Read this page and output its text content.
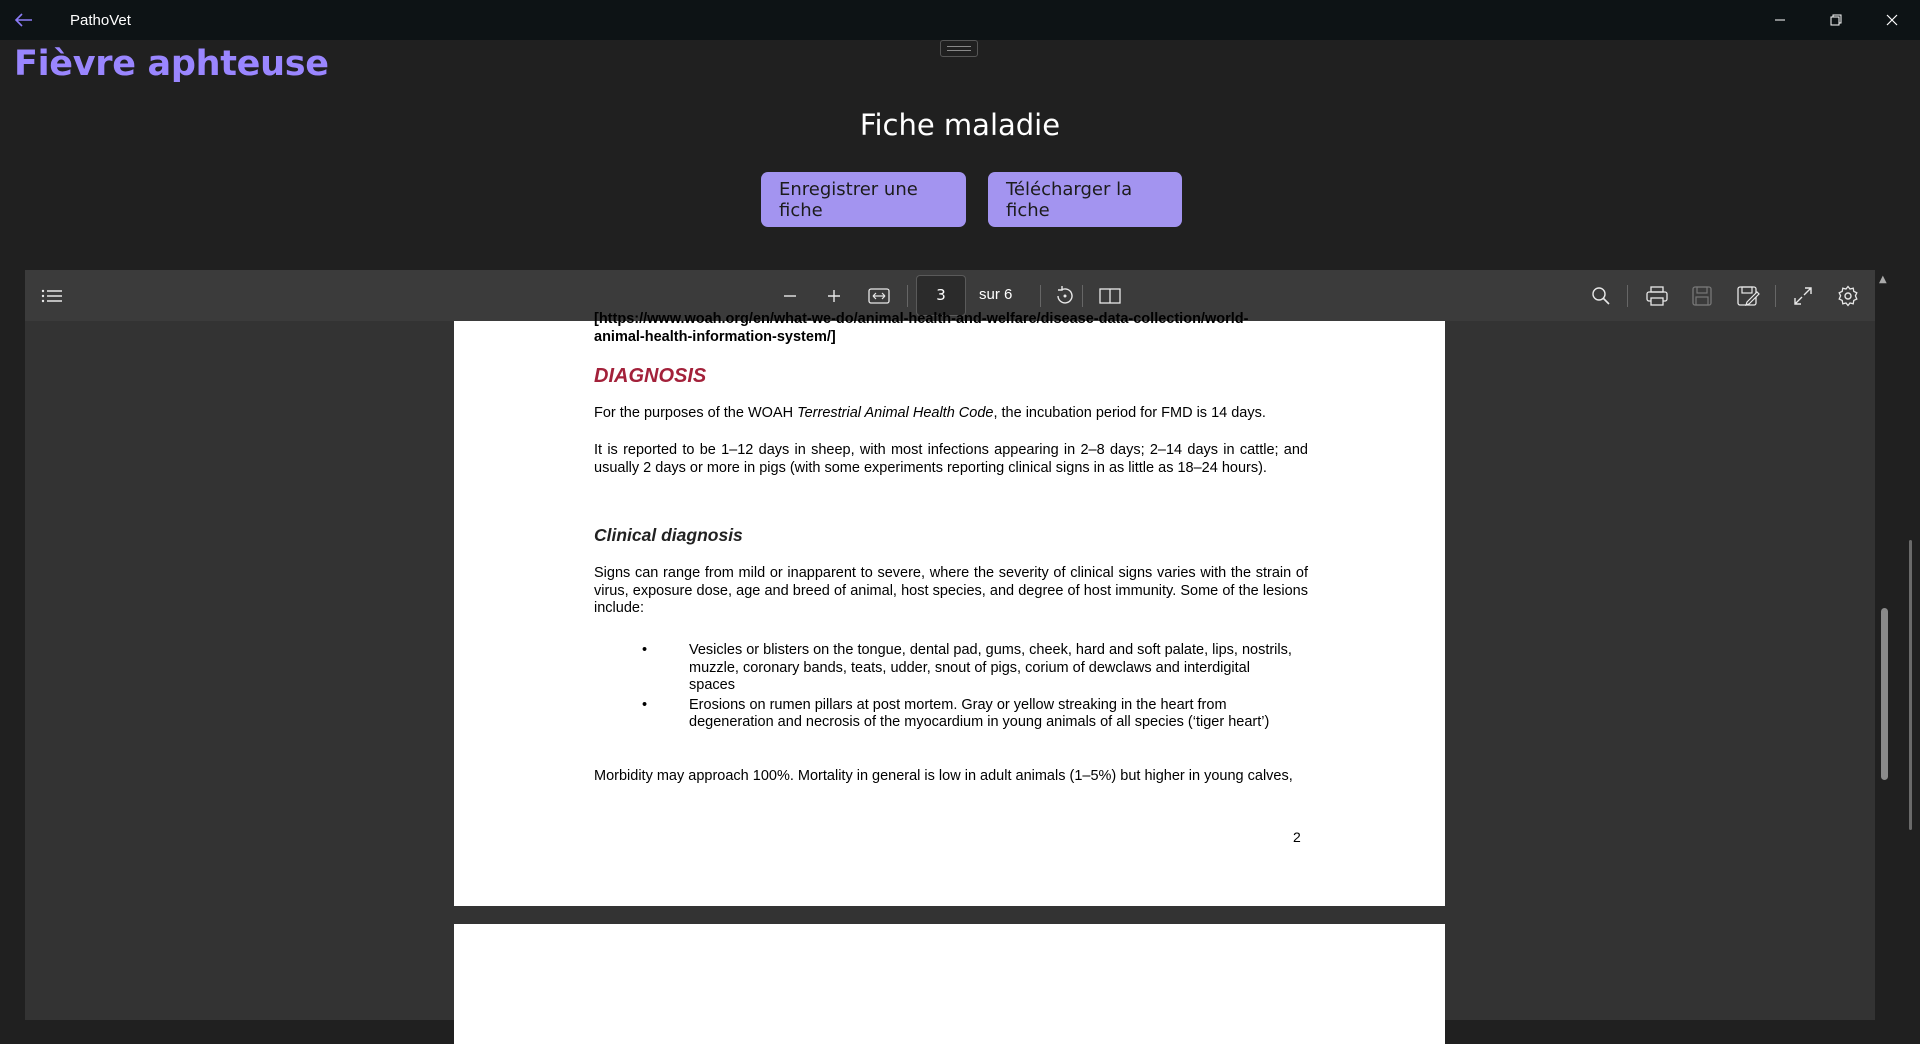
PathoVet
Fièvre aphteuse
Fiche maladie
Enregistrer une fiche
Télécharger la fiche
3	sur 6
[https://www.woah.org/en/what-we-do/animal-health-and-welfare/disease-data-collection/world-
animal-health-information-system/]
DIAGNOSIS
For the purposes of the WOAH Terrestrial Animal Health Code, the incubation period for FMD is 14 days.
It is reported to be 1–12 days in sheep, with most infections appearing in 2–8 days; 2–14 days in cattle; and usually 2 days or more in pigs (with some experiments reporting clinical signs in as little as 18–24 hours).
Clinical diagnosis
Signs can range from mild or inapparent to severe, where the severity of clinical signs varies with the strain of virus, exposure dose, age and breed of animal, host species, and degree of host immunity. Some of the lesions include:
• Vesicles or blisters on the tongue, dental pad, gums, cheek, hard and soft palate, lips, nostrils, muzzle, coronary bands, teats, udder, snout of pigs, corium of dewclaws and interdigital spaces
• Erosions on rumen pillars at post mortem. Gray or yellow streaking in the heart from degeneration and necrosis of the myocardium in young animals of all species (‘tiger heart’)
Morbidity may approach 100%. Mortality in general is low in adult animals (1–5%) but higher in young calves,
2
▲
